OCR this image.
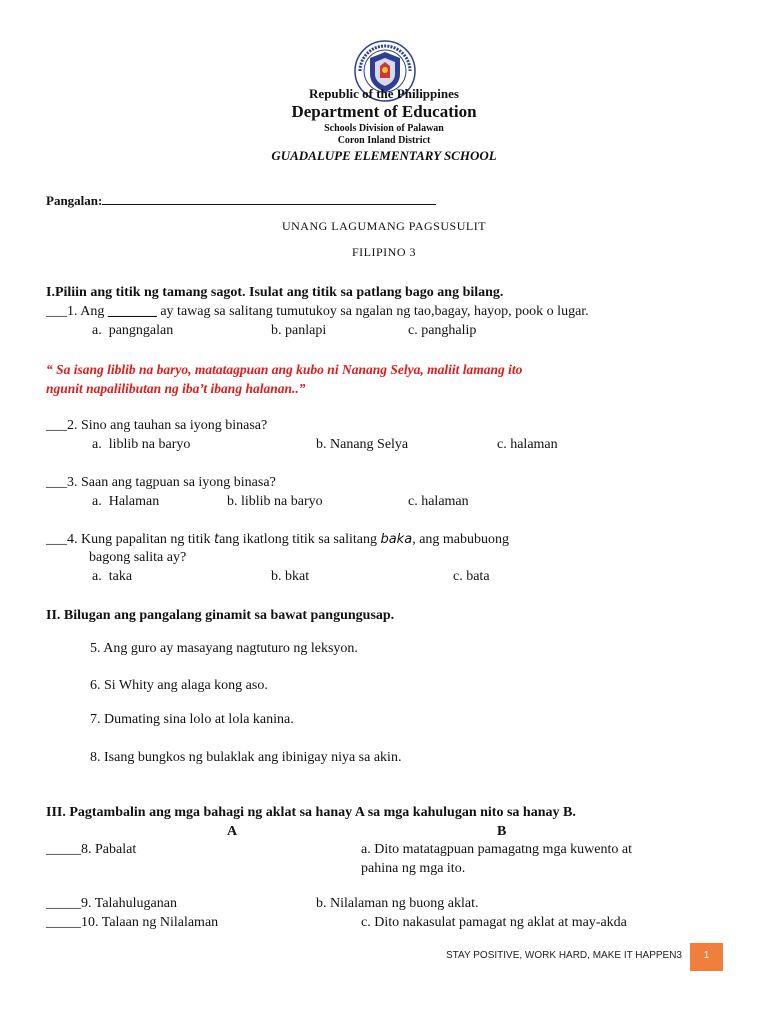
Republic of the Philippines
Department of Education
Schools Division of Palawan
Coron Inland District
GUADALUPE ELEMENTARY SCHOOL
Pangalan:
UNANG LAGUMANG PAGSUSULIT
FILIPINO 3
I.Piliin ang titik ng tamang sagot. Isulat ang titik sa patlang bago ang bilang.
___1. Ang _______ ay tawag sa salitang tumutukoy sa ngalan ng tao,bagay, hayop, pook o lugar.
a.  pangngalan	b. panlapi	c. panghalip
“ Sa isang liblib na baryo, matatagpuan ang kubo ni Nanang Selya, maliit lamang ito
ngunit napalilibutan ng iba’t ibang halanan..”
___2. Sino ang tauhan sa iyong binasa?
a.  liblib na baryo	b. Nanang Selya	c. halaman
___3. Saan ang tagpuan sa iyong binasa?
a.  Halaman	b. liblib na baryo	c. halaman
___4. Kung papalitan ng titik tang ikatlong titik sa salitang baka, ang mabubuong
bagong salita ay?
a.  taka	b. bkat	c. bata
II. Bilugan ang pangalang ginamit sa bawat pangungusap.
5. Ang guro ay masayang nagtuturo ng leksyon.
6. Si Whity ang alaga kong aso.
7. Dumating sina lolo at lola kanina.
8. Isang bungkos ng bulaklak ang ibinigay niya sa akin.
III. Pagtambalin ang mga bahagi ng aklat sa hanay A sa mga kahulugan nito sa hanay B.
A	B
_____8. Pabalat	a. Dito matatagpuan pamagatng mga kuwento at
pahina ng mga ito.
_____9. Talahuluganan	b. Nilalaman ng buong aklat.
_____10. Talaan ng Nilalaman	c. Dito nakasulat pamagat ng aklat at may-akda
STAY POSITIVE, WORK HARD, MAKE IT HAPPEN3	1
